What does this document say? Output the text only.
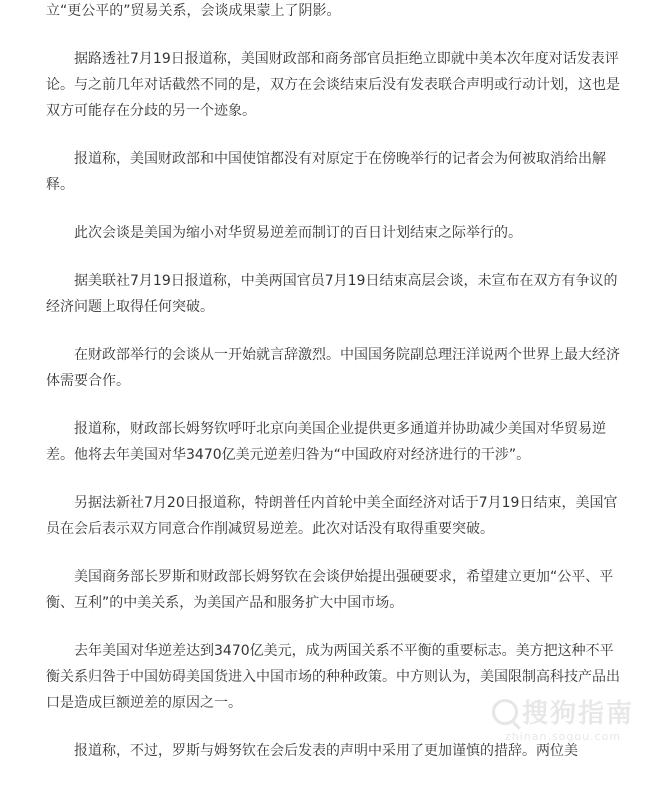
立“更公平的”贸易关系，会谈成果蒙上了阴影。

据路透社7月19日报道称，美国财政部和商务部官员拒绝立即就中美本次年度对话发表评论。与之前几年对话截然不同的是，双方在会谈结束后没有发表联合声明或行动计划，这也是双方可能存在分歧的另一个迹象。

报道称，美国财政部和中国使馆都没有对原定于在傍晚举行的记者会为何被取消给出解释。

此次会谈是美国为缩小对华贸易逆差而制订的百日计划结束之际举行的。

据美联社7月19日报道称，中美两国官员7月19日结束高层会谈，未宣布在双方有争议的经济问题上取得任何突破。

在财政部举行的会谈从一开始就言辞激烈。中国国务院副总理汪洋说两个世界上最大经济体需要合作。

报道称，财政部长姆努钦呼吁北京向美国企业提供更多通道并协助减少美国对华贸易逆差。他将去年美国对华3470亿美元逆差归咎为“中国政府对经济进行的干涉”。

另据法新社7月20日报道称，特朗普任内首轮中美全面经济对话于7月19日结束，美国官员在会后表示双方同意合作削减贸易逆差。此次对话没有取得重要突破。

美国商务部长罗斯和财政部长姆努钦在会谈伊始提出强硬要求，希望建立更加“公平、平衡、互利”的中美关系，为美国产品和服务扩大中国市场。

去年美国对华逆差达到3470亿美元，成为两国关系不平衡的重要标志。美方把这种不平衡关系归咎于中国妨碍美国货进入中国市场的种种政策。中方则认为，美国限制高科技产品出口是造成巨额逆差的原因之一。

报道称，不过，罗斯与姆努钦在会后发表的声明中采用了更加谨慎的措辞。两位美

搜狗指南
zhinan.sogou.com
